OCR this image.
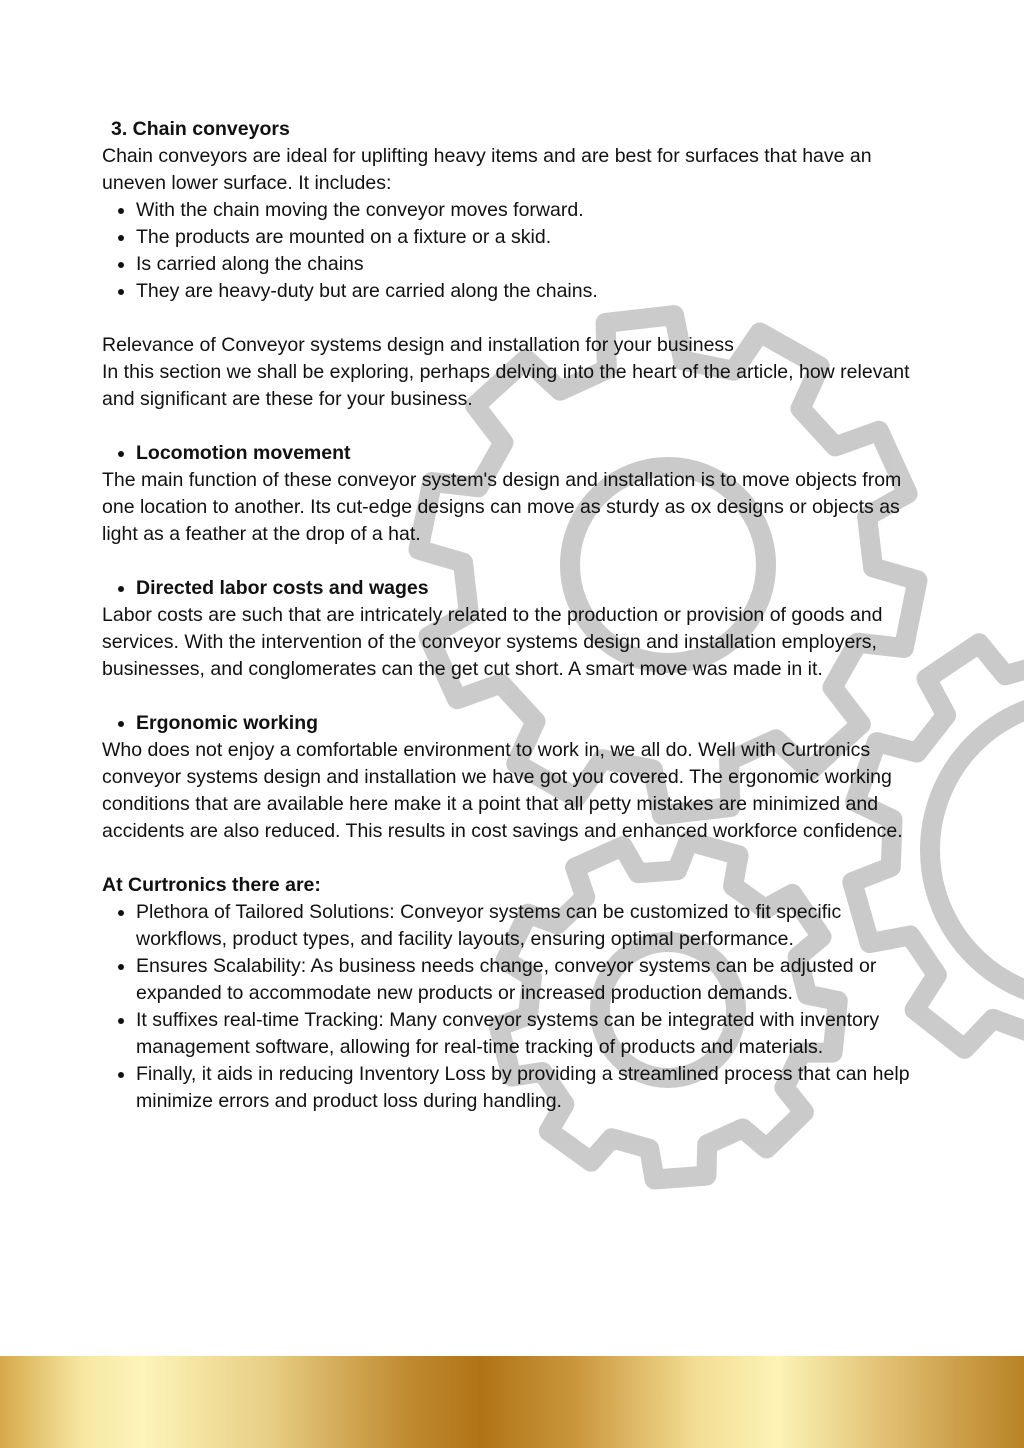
3. Chain conveyors

Chain conveyors are ideal for uplifting heavy items and are best for surfaces that have an uneven lower surface. It includes:

• With the chain moving the conveyor moves forward.
• The products are mounted on a fixture or a skid.
• Is carried along the chains
• They are heavy-duty but are carried along the chains.

Relevance of Conveyor systems design and installation for your business

In this section we shall be exploring, perhaps delving into the heart of the article, how relevant and significant are these for your business.

• Locomotion movement

The main function of these conveyor system's design and installation is to move objects from one location to another. Its cut-edge designs can move as sturdy as ox designs or objects as light as a feather at the drop of a hat.

• Directed labor costs and wages

Labor costs are such that are intricately related to the production or provision of goods and services. With the intervention of the conveyor systems design and installation employers, businesses, and conglomerates can the get cut short. A smart move was made in it.

• Ergonomic working

Who does not enjoy a comfortable environment to work in, we all do. Well with Curtronics conveyor systems design and installation we have got you covered. The ergonomic working conditions that are available here make it a point that all petty mistakes are minimized and accidents are also reduced. This results in cost savings and enhanced workforce confidence.

At Curtronics there are:

• Plethora of Tailored Solutions: Conveyor systems can be customized to fit specific workflows, product types, and facility layouts, ensuring optimal performance.
• Ensures Scalability: As business needs change, conveyor systems can be adjusted or expanded to accommodate new products or increased production demands.
• It suffixes real-time Tracking: Many conveyor systems can be integrated with inventory management software, allowing for real-time tracking of products and materials.
• Finally, it aids in reducing Inventory Loss by providing a streamlined process that can help minimize errors and product loss during handling.
